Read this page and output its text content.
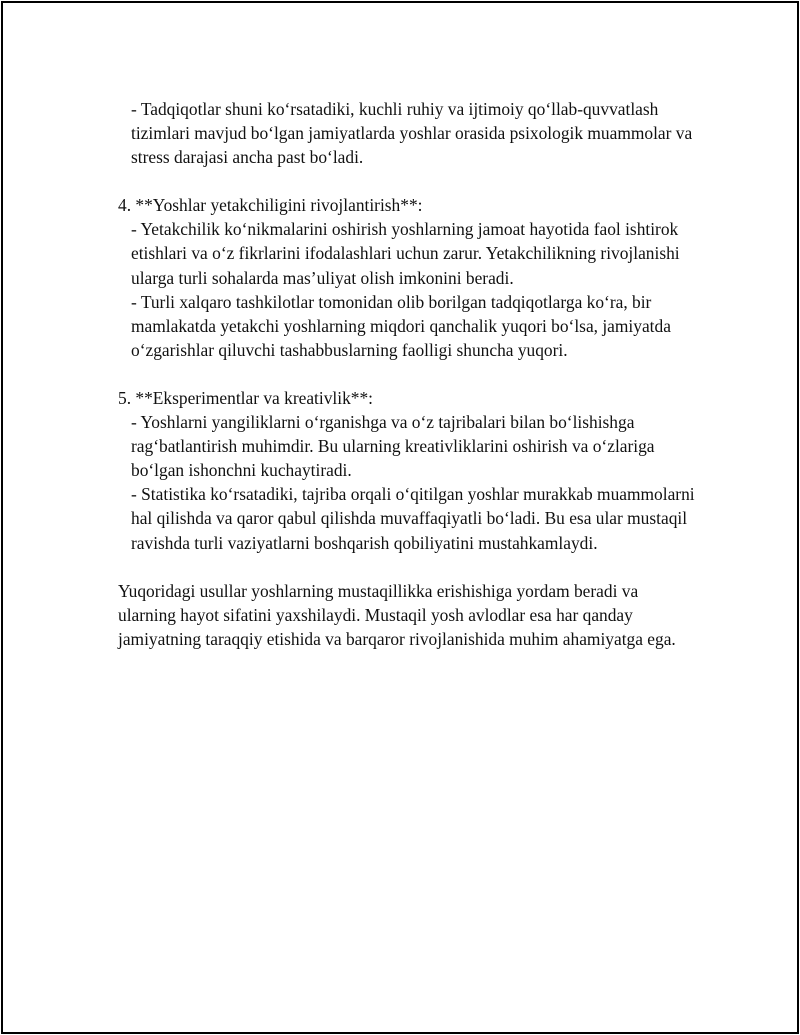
- Tadqiqotlar shuni ko‘rsatadiki, kuchli ruhiy va ijtimoiy qo‘llab-quvvatlash tizimlari mavjud bo‘lgan jamiyatlarda yoshlar orasida psixologik muammolar va stress darajasi ancha past bo‘ladi.

4. **Yoshlar yetakchiligini rivojlantirish**:

- Yetakchilik ko‘nikmalarini oshirish yoshlarning jamoat hayotida faol ishtirok etishlari va o‘z fikrlarini ifodalashlari uchun zarur. Yetakchilikning rivojlanishi ularga turli sohalarda mas’uliyat olish imkonini beradi.

- Turli xalqaro tashkilotlar tomonidan olib borilgan tadqiqotlarga ko‘ra, bir mamlakatda yetakchi yoshlarning miqdori qanchalik yuqori bo‘lsa, jamiyatda o‘zgarishlar qiluvchi tashabbuslarning faolligi shuncha yuqori.

5. **Eksperimentlar va kreativlik**:

- Yoshlarni yangiliklarni o‘rganishga va o‘z tajribalari bilan bo‘lishishga rag‘batlantirish muhimdir. Bu ularning kreativliklarini oshirish va o‘zlariga bo‘lgan ishonchni kuchaytiradi.

- Statistika ko‘rsatadiki, tajriba orqali o‘qitilgan yoshlar murakkab muammolarni hal qilishda va qaror qabul qilishda muvaffaqiyatli bo‘ladi. Bu esa ular mustaqil ravishda turli vaziyatlarni boshqarish qobiliyatini mustahkamlaydi.

Yuqoridagi usullar yoshlarning mustaqillikka erishishiga yordam beradi va ularning hayot sifatini yaxshilaydi. Mustaqil yosh avlodlar esa har qanday jamiyatning taraqqiy etishida va barqaror rivojlanishida muhim ahamiyatga ega.
